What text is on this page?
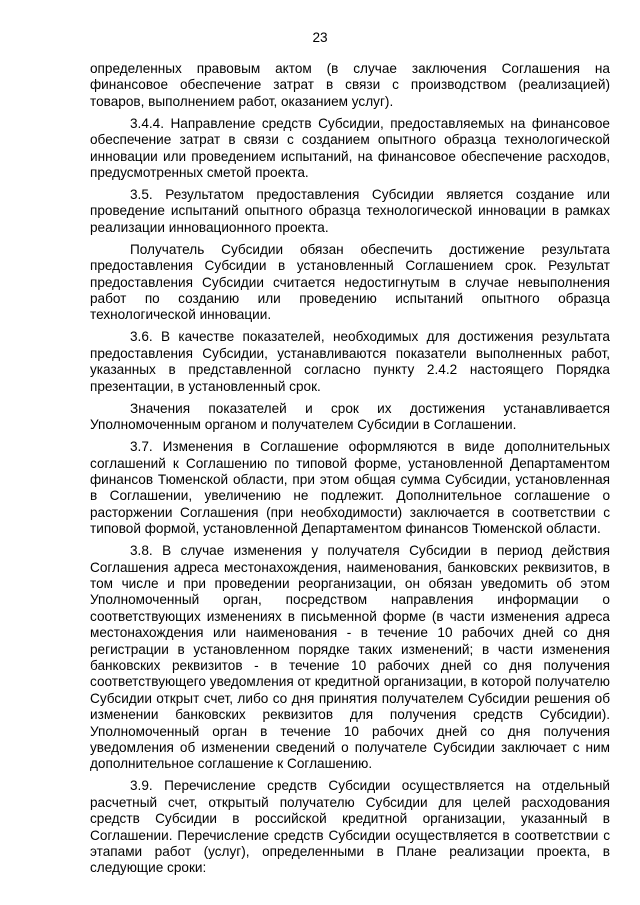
23

определенных правовым актом (в случае заключения Соглашения на финансовое обеспечение затрат в связи с производством (реализацией) товаров, выполнением работ, оказанием услуг).

3.4.4. Направление средств Субсидии, предоставляемых на финансовое обеспечение затрат в связи с созданием опытного образца технологической инновации или проведением испытаний, на финансовое обеспечение расходов, предусмотренных сметой проекта.

3.5. Результатом предоставления Субсидии является создание или проведение испытаний опытного образца технологической инновации в рамках реализации инновационного проекта.

Получатель Субсидии обязан обеспечить достижение результата предоставления Субсидии в установленный Соглашением срок. Результат предоставления Субсидии считается недостигнутым в случае невыполнения работ по созданию или проведению испытаний опытного образца технологической инновации.

3.6. В качестве показателей, необходимых для достижения результата предоставления Субсидии, устанавливаются показатели выполненных работ, указанных в представленной согласно пункту 2.4.2 настоящего Порядка презентации, в установленный срок.

Значения показателей и срок их достижения устанавливается Уполномоченным органом и получателем Субсидии в Соглашении.

3.7. Изменения в Соглашение оформляются в виде дополнительных соглашений к Соглашению по типовой форме, установленной Департаментом финансов Тюменской области, при этом общая сумма Субсидии, установленная в Соглашении, увеличению не подлежит. Дополнительное соглашение о расторжении Соглашения (при необходимости) заключается в соответствии с типовой формой, установленной Департаментом финансов Тюменской области.

3.8. В случае изменения у получателя Субсидии в период действия Соглашения адреса местонахождения, наименования, банковских реквизитов, в том числе и при проведении реорганизации, он обязан уведомить об этом Уполномоченный орган, посредством направления информации о соответствующих изменениях в письменной форме (в части изменения адреса местонахождения или наименования - в течение 10 рабочих дней со дня регистрации в установленном порядке таких изменений; в части изменения банковских реквизитов - в течение 10 рабочих дней со дня получения соответствующего уведомления от кредитной организации, в которой получателю Субсидии открыт счет, либо со дня принятия получателем Субсидии решения об изменении банковских реквизитов для получения средств Субсидии). Уполномоченный орган в течение 10 рабочих дней со дня получения уведомления об изменении сведений о получателе Субсидии заключает с ним дополнительное соглашение к Соглашению.

3.9. Перечисление средств Субсидии осуществляется на отдельный расчетный счет, открытый получателю Субсидии для целей расходования средств Субсидии в российской кредитной организации, указанный в Соглашении. Перечисление средств Субсидии осуществляется в соответствии с этапами работ (услуг), определенными в Плане реализации проекта, в следующие сроки:
